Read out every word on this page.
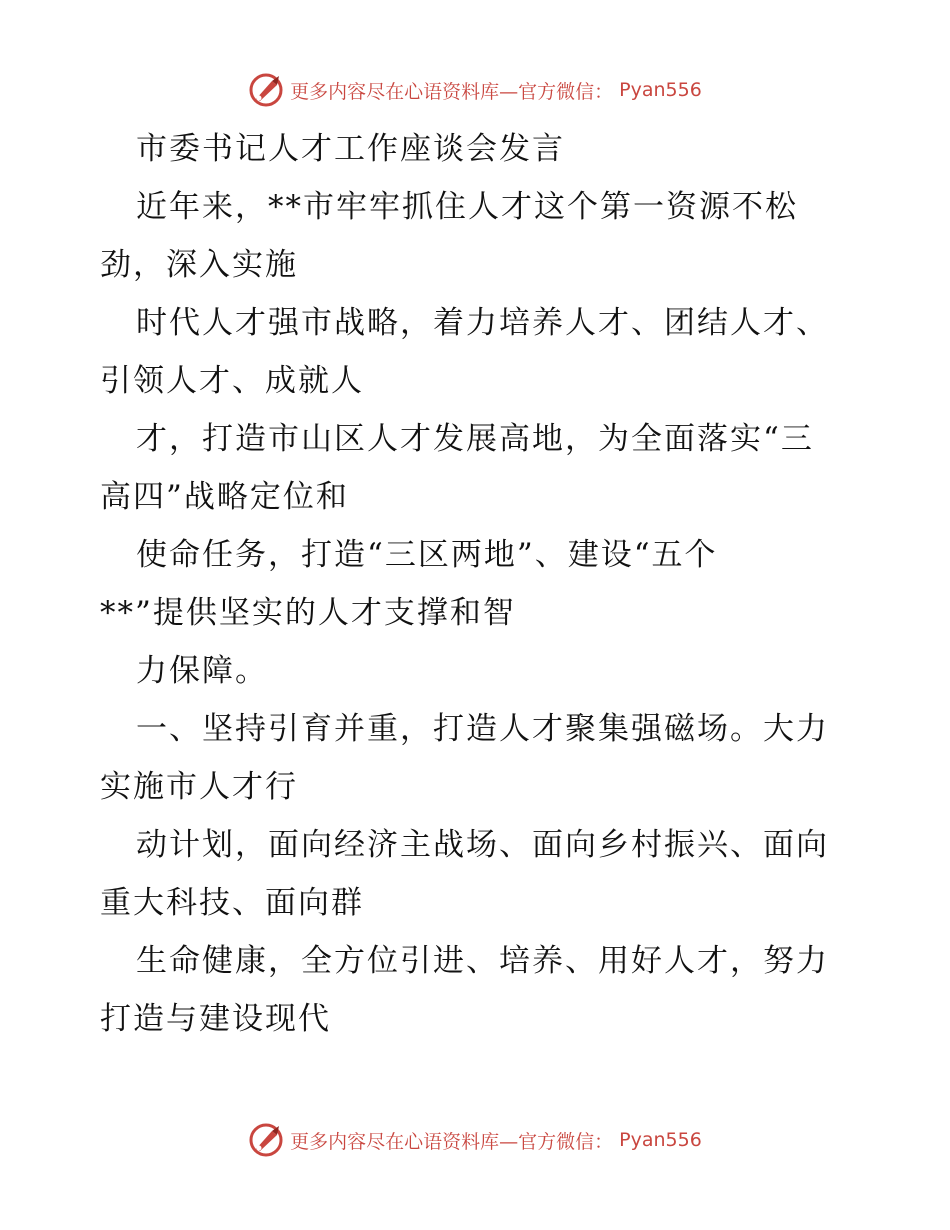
更多内容尽在心语资料库—官方微信： Pyan556
市委书记人才工作座谈会发言
近年来，**市牢牢抓住人才这个第一资源不松
劲，深入实施
时代人才强市战略，着力培养人才、团结人才、
引领人才、成就人
才，打造市山区人才发展高地，为全面落实“三
高四”战略定位和
使命任务，打造“三区两地”、建设“五个
**”提供坚实的人才支撑和智
力保障。
一、坚持引育并重，打造人才聚集强磁场。大力
实施市人才行
动计划，面向经济主战场、面向乡村振兴、面向
重大科技、面向群
生命健康，全方位引进、培养、用好人才，努力
打造与建设现代
更多内容尽在心语资料库—官方微信： Pyan556
